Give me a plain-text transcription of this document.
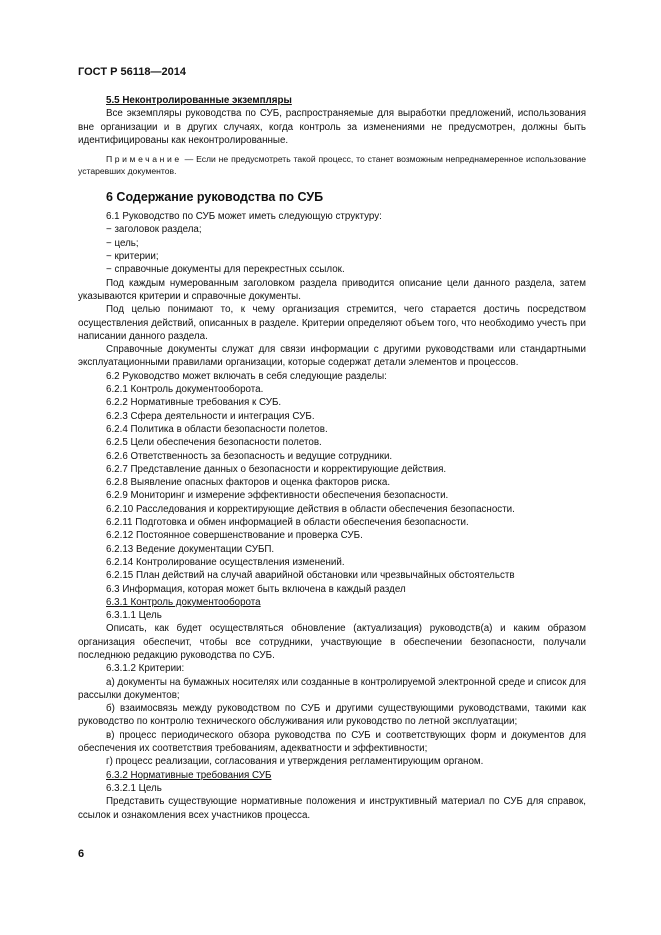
ГОСТ Р 56118—2014

5.5 Неконтролированные экземпляры

Все экземпляры руководства по СУБ, распространяемые для выработки предложений, использования вне организации и в других случаях, когда контроль за изменениями не предусмотрен, должны быть идентифицированы как неконтролированные.

Примечание — Если не предусмотреть такой процесс, то станет возможным непреднамеренное использование устаревших документов.

6 Содержание руководства по СУБ

6.1 Руководство по СУБ может иметь следующую структуру:

− заголовок раздела;

− цель;

− критерии;

− справочные документы для перекрестных ссылок.

Под каждым нумерованным заголовком раздела приводится описание цели данного раздела, затем указываются критерии и справочные документы.

Под целью понимают то, к чему организация стремится, чего старается достичь посредством осуществления действий, описанных в разделе. Критерии определяют объем того, что необходимо учесть при написании данного раздела.

Справочные документы служат для связи информации с другими руководствами или стандартными эксплуатационными правилами организации, которые содержат детали элементов и процессов.

6.2 Руководство может включать в себя следующие разделы:

6.2.1 Контроль документооборота.

6.2.2 Нормативные требования к СУБ.

6.2.3 Сфера деятельности и интеграция СУБ.

6.2.4 Политика в области безопасности полетов.

6.2.5 Цели обеспечения безопасности полетов.

6.2.6 Ответственность за безопасность и ведущие сотрудники.

6.2.7 Представление данных о безопасности и корректирующие действия.

6.2.8 Выявление опасных факторов и оценка факторов риска.

6.2.9 Мониторинг и измерение эффективности обеспечения безопасности.

6.2.10 Расследования и корректирующие действия в области обеспечения безопасности.

6.2.11 Подготовка и обмен информацией в области обеспечения безопасности.

6.2.12 Постоянное совершенствование и проверка СУБ.

6.2.13 Ведение документации СУБП.

6.2.14 Контролирование осуществления изменений.

6.2.15 План действий на случай аварийной обстановки или чрезвычайных обстоятельств

6.3 Информация, которая может быть включена в каждый раздел

6.3.1 Контроль документооборота

6.3.1.1 Цель

Описать, как будет осуществляться обновление (актуализация) руководств(а) и каким образом организация обеспечит, чтобы все сотрудники, участвующие в обеспечении безопасности, получали последнюю редакцию руководства по СУБ.

6.3.1.2 Критерии:

а) документы на бумажных носителях или созданные в контролируемой электронной среде и список для рассылки документов;

б) взаимосвязь между руководством по СУБ и другими существующими руководствами, такими как руководство по контролю технического обслуживания или руководство по летной эксплуатации;

в) процесс периодического обзора руководства по СУБ и соответствующих форм и документов для обеспечения их соответствия требованиям, адекватности и эффективности;

г) процесс реализации, согласования и утверждения регламентирующим органом.

6.3.2 Нормативные требования СУБ

6.3.2.1 Цель

Представить существующие нормативные положения и инструктивный материал по СУБ для справок, ссылок и ознакомления всех участников процесса.

6
